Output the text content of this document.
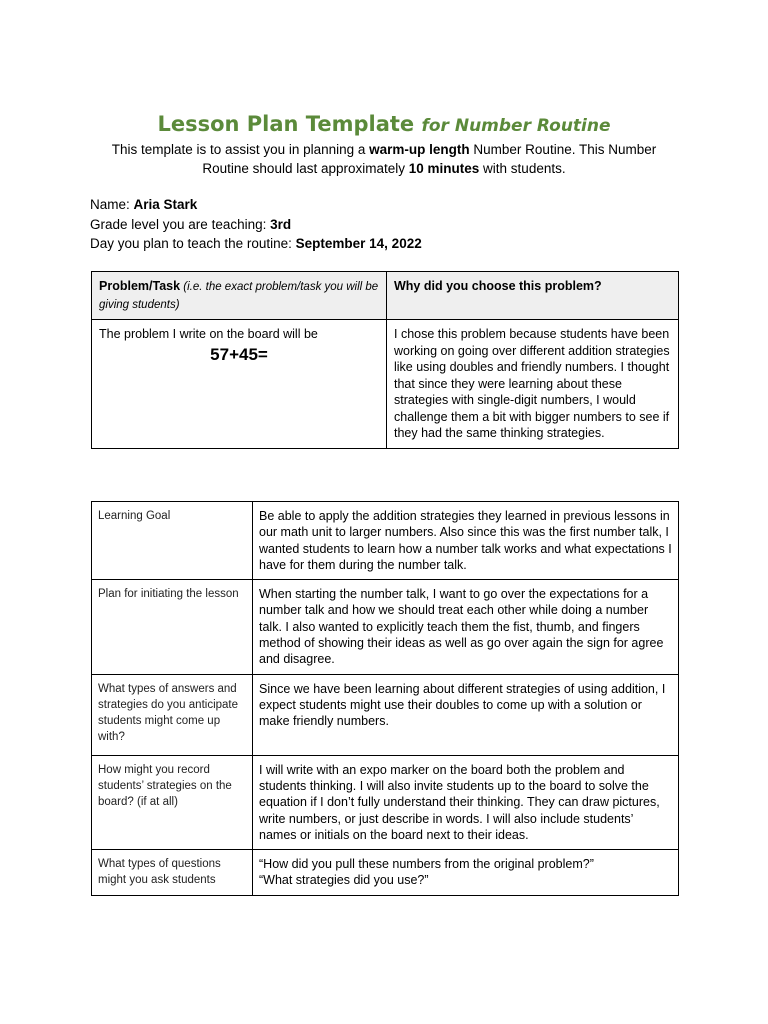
Lesson Plan Template for Number Routine
This template is to assist you in planning a warm-up length Number Routine. This Number Routine should last approximately 10 minutes with students.
Name: Aria Stark
Grade level you are teaching: 3rd
Day you plan to teach the routine: September 14, 2022
Problem/Task (i.e. the exact problem/task you will be giving students)	Why did you choose this problem?

The problem I write on the board will be
57+45=	I chose this problem because students have been working on going over different addition strategies like using doubles and friendly numbers. I thought that since they were learning about these strategies with single-digit numbers, I would challenge them a bit with bigger numbers to see if they had the same thinking strategies.
Learning Goal	Be able to apply the addition strategies they learned in previous lessons in our math unit to larger numbers. Also since this was the first number talk, I wanted students to learn how a number talk works and what expectations I have for them during the number talk.
Plan for initiating the lesson	When starting the number talk, I want to go over the expectations for a number talk and how we should treat each other while doing a number talk. I also wanted to explicitly teach them the fist, thumb, and fingers method of showing their ideas as well as go over again the sign for agree and disagree.
What types of answers and strategies do you anticipate students might come up with?	Since we have been learning about different strategies of using addition, I expect students might use their doubles to come up with a solution or make friendly numbers.
How might you record students’ strategies on the board? (if at all)	I will write with an expo marker on the board both the problem and students thinking. I will also invite students up to the board to solve the equation if I don’t fully understand their thinking. They can draw pictures, write numbers, or just describe in words. I will also include students’ names or initials on the board next to their ideas.
What types of questions might you ask students	“How did you pull these numbers from the original problem?”
“What strategies did you use?”
